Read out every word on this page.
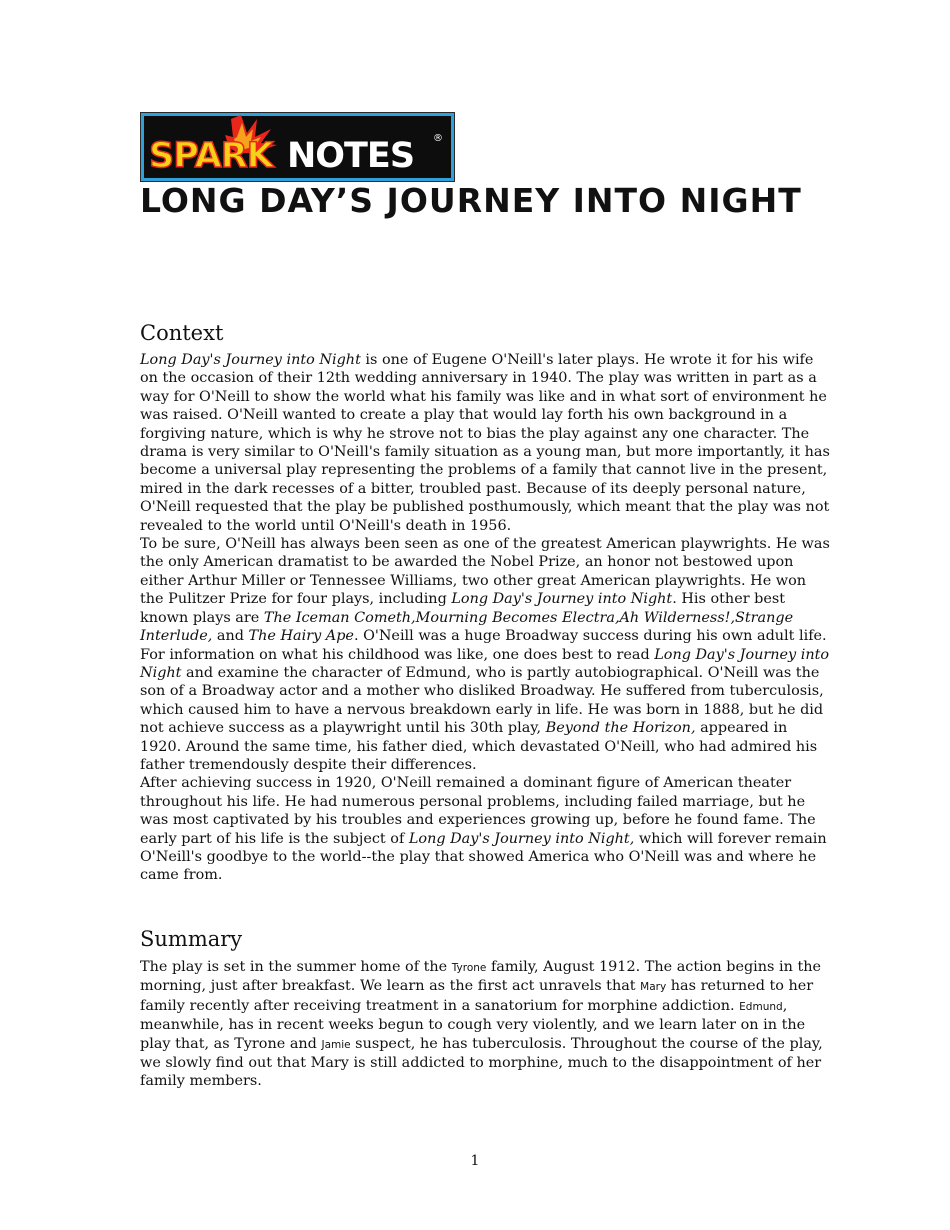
SPARK NOTES ®
LONG DAY’S JOURNEY INTO NIGHT
Context

Long Day's Journey into Night is one of Eugene O'Neill's later plays. He wrote it for his wife on the occasion of their 12th wedding anniversary in 1940. The play was written in part as a way for O'Neill to show the world what his family was like and in what sort of environment he was raised. O'Neill wanted to create a play that would lay forth his own background in a forgiving nature, which is why he strove not to bias the play against any one character. The drama is very similar to O'Neill's family situation as a young man, but more importantly, it has become a universal play representing the problems of a family that cannot live in the present, mired in the dark recesses of a bitter, troubled past. Because of its deeply personal nature, O'Neill requested that the play be published posthumously, which meant that the play was not revealed to the world until O'Neill's death in 1956.

To be sure, O'Neill has always been seen as one of the greatest American playwrights. He was the only American dramatist to be awarded the Nobel Prize, an honor not bestowed upon either Arthur Miller or Tennessee Williams, two other great American playwrights. He won the Pulitzer Prize for four plays, including Long Day's Journey into Night. His other best known plays are The Iceman Cometh,Mourning Becomes Electra,Ah Wilderness!,Strange Interlude, and The Hairy Ape. O'Neill was a huge Broadway success during his own adult life. For information on what his childhood was like, one does best to read Long Day's Journey into Night and examine the character of Edmund, who is partly autobiographical. O'Neill was the son of a Broadway actor and a mother who disliked Broadway. He suffered from tuberculosis, which caused him to have a nervous breakdown early in life. He was born in 1888, but he did not achieve success as a playwright until his 30th play, Beyond the Horizon, appeared in 1920. Around the same time, his father died, which devastated O'Neill, who had admired his father tremendously despite their differences.

After achieving success in 1920, O'Neill remained a dominant figure of American theater throughout his life. He had numerous personal problems, including failed marriage, but he was most captivated by his troubles and experiences growing up, before he found fame. The early part of his life is the subject of Long Day's Journey into Night, which will forever remain O'Neill's goodbye to the world--the play that showed America who O'Neill was and where he came from.

Summary

The play is set in the summer home of the Tyrone family, August 1912. The action begins in the morning, just after breakfast. We learn as the first act unravels that Mary has returned to her family recently after receiving treatment in a sanatorium for morphine addiction. Edmund, meanwhile, has in recent weeks begun to cough very violently, and we learn later on in the play that, as Tyrone and Jamie suspect, he has tuberculosis. Throughout the course of the play, we slowly find out that Mary is still addicted to morphine, much to the disappointment of her family members.

1
